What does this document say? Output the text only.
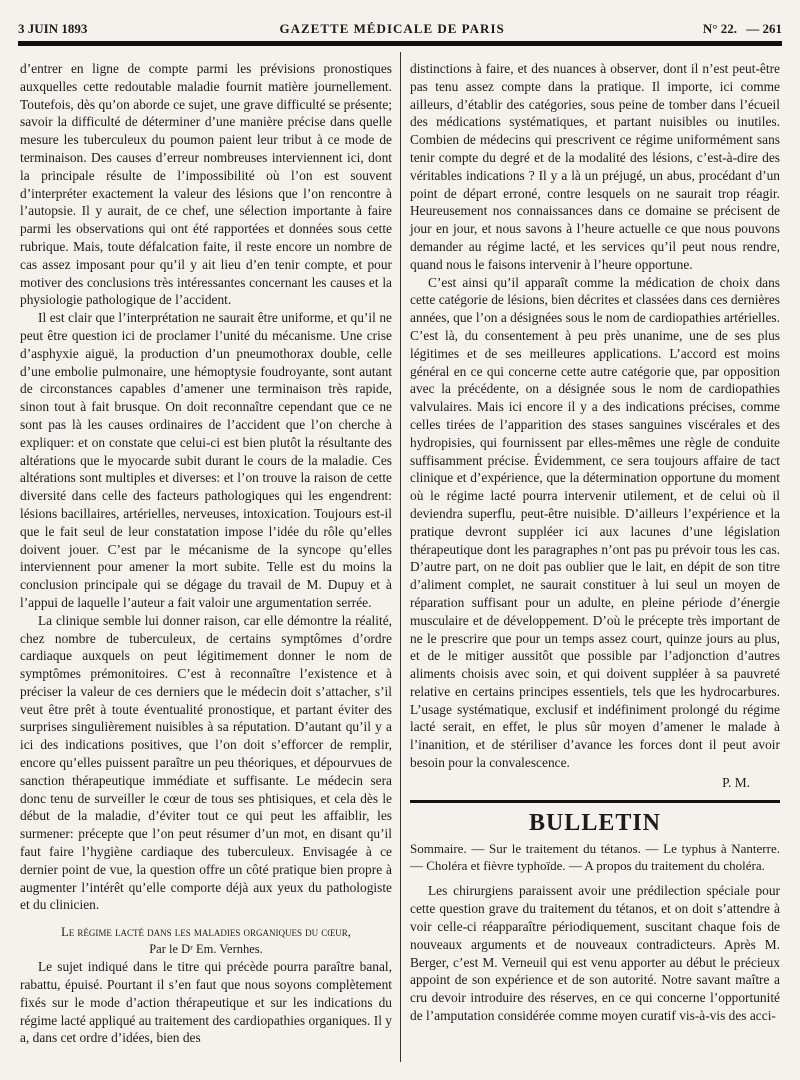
3 JUIN 1893	GAZETTE MÉDICALE DE PARIS	N° 22. — 261

d’entrer en ligne de compte parmi les prévisions pronostiques auxquelles cette redoutable maladie fournit matière journellement. Toutefois, dès qu’on aborde ce sujet, une grave difficulté se présente; savoir la difficulté de déterminer d’une manière précise dans quelle mesure les tuberculeux du poumon paient leur tribut à ce mode de terminaison. Des causes d’erreur nombreuses interviennent ici, dont la principale résulte de l’impossibilité où l’on est souvent d’interpréter exactement la valeur des lésions que l’on rencontre à l’autopsie. Il y aurait, de ce chef, une sélection importante à faire parmi les observations qui ont été rapportées et données sous cette rubrique. Mais, toute défalcation faite, il reste encore un nombre de cas assez imposant pour qu’il y ait lieu d’en tenir compte, et pour motiver des conclusions très intéressantes concernant les causes et la physiologie pathologique de l’accident.

Il est clair que l’interprétation ne saurait être uniforme, et qu’il ne peut être question ici de proclamer l’unité du mécanisme. Une crise d’asphyxie aiguë, la production d’un pneumothorax double, celle d’une embolie pulmonaire, une hémoptysie foudroyante, sont autant de circonstances capables d’amener une terminaison très rapide, sinon tout à fait brusque. On doit reconnaître cependant que ce ne sont pas là les causes ordinaires de l’accident que l’on cherche à expliquer: et on constate que celui-ci est bien plutôt la résultante des altérations que le myocarde subit durant le cours de la maladie. Ces altérations sont multiples et diverses: et l’on trouve la raison de cette diversité dans celle des facteurs pathologiques qui les engendrent: lésions bacillaires, artérielles, nerveuses, intoxication. Toujours est-il que le fait seul de leur constatation impose l’idée du rôle qu’elles doivent jouer. C’est par le mécanisme de la syncope qu’elles interviennent pour amener la mort subite. Telle est du moins la conclusion principale qui se dégage du travail de M. Dupuy et à l’appui de laquelle l’auteur a fait valoir une argumentation serrée.

La clinique semble lui donner raison, car elle démontre la réalité, chez nombre de tuberculeux, de certains symptômes d’ordre cardiaque auxquels on peut légitimement donner le nom de symptômes prémonitoires. C’est à reconnaître l’existence et à préciser la valeur de ces derniers que le médecin doit s’attacher, s’il veut être prêt à toute éventualité pronostique, et partant éviter des surprises singulièrement nuisibles à sa réputation. D’autant qu’il y a ici des indications positives, que l’on doit s’efforcer de remplir, encore qu’elles puissent paraître un peu théoriques, et dépourvues de sanction thérapeutique immédiate et suffisante. Le médecin sera donc tenu de surveiller le cœur de tous ses phtisiques, et cela dès le début de la maladie, d’éviter tout ce qui peut les affaiblir, les surmener: précepte que l’on peut résumer d’un mot, en disant qu’il faut faire l’hygiène cardiaque des tuberculeux. Envisagée à ce dernier point de vue, la question offre un côté pratique bien propre à augmenter l’intérêt qu’elle comporte déjà aux yeux du pathologiste et du clinicien.

Le régime lacté dans les maladies organiques du cœur,
Par le Dʳ Em. Vernhes.

Le sujet indiqué dans le titre qui précède pourra paraître banal, rabattu, épuisé. Pourtant il s’en faut que nous soyons complètement fixés sur le mode d’action thérapeutique et sur les indications du régime lacté appliqué au traitement des cardiopathies organiques. Il y a, dans cet ordre d’idées, bien des

distinctions à faire, et des nuances à observer, dont il n’est peut-être pas tenu assez compte dans la pratique. Il importe, ici comme ailleurs, d’établir des catégories, sous peine de tomber dans l’écueil des médications systématiques, et partant nuisibles ou inutiles. Combien de médecins qui prescrivent ce régime uniformément sans tenir compte du degré et de la modalité des lésions, c’est-à-dire des véritables indications ? Il y a là un préjugé, un abus, procédant d’un point de départ erroné, contre lesquels on ne saurait trop réagir. Heureusement nos connaissances dans ce domaine se précisent de jour en jour, et nous savons à l’heure actuelle ce que nous pouvons demander au régime lacté, et les services qu’il peut nous rendre, quand nous le faisons intervenir à l’heure opportune.

C’est ainsi qu’il apparaît comme la médication de choix dans cette catégorie de lésions, bien décrites et classées dans ces dernières années, que l’on a désignées sous le nom de cardiopathies artérielles. C’est là, du consentement à peu près unanime, une de ses plus légitimes et de ses meilleures applications. L’accord est moins général en ce qui concerne cette autre catégorie que, par opposition avec la précédente, on a désignée sous le nom de cardiopathies valvulaires. Mais ici encore il y a des indications précises, comme celles tirées de l’apparition des stases sanguines viscérales et des hydropisies, qui fournissent par elles-mêmes une règle de conduite suffisamment précise. Évidemment, ce sera toujours affaire de tact clinique et d’expérience, que la détermination opportune du moment où le régime lacté pourra intervenir utilement, et de celui où il deviendra superflu, peut-être nuisible. D’ailleurs l’expérience et la pratique devront suppléer ici aux lacunes d’une législation thérapeutique dont les paragraphes n’ont pas pu prévoir tous les cas. D’autre part, on ne doit pas oublier que le lait, en dépit de son titre d’aliment complet, ne saurait constituer à lui seul un moyen de réparation suffisant pour un adulte, en pleine période d’énergie musculaire et de développement. D’où le précepte très important de ne le prescrire que pour un temps assez court, quinze jours au plus, et de le mitiger aussitôt que possible par l’adjonction d’autres aliments choisis avec soin, et qui doivent suppléer à sa pauvreté relative en certains principes essentiels, tels que les hydrocarbures. L’usage systématique, exclusif et indéfiniment prolongé du régime lacté serait, en effet, le plus sûr moyen d’amener le malade à l’inanition, et de stériliser d’avance les forces dont il peut avoir besoin pour la convalescence.

P. M.

BULLETIN

Sommaire. — Sur le traitement du tétanos. — Le typhus à Nanterre. — Choléra et fièvre typhoïde. — A propos du traitement du choléra.

Les chirurgiens paraissent avoir une prédilection spéciale pour cette question grave du traitement du tétanos, et on doit s’attendre à voir celle-ci réapparaître périodiquement, suscitant chaque fois de nouveaux arguments et de nouveaux contradicteurs. Après M. Berger, c’est M. Verneuil qui est venu apporter au début le précieux appoint de son expérience et de son autorité. Notre savant maître a cru devoir introduire des réserves, en ce qui concerne l’opportunité de l’amputation considérée comme moyen curatif vis-à-vis des acci-
